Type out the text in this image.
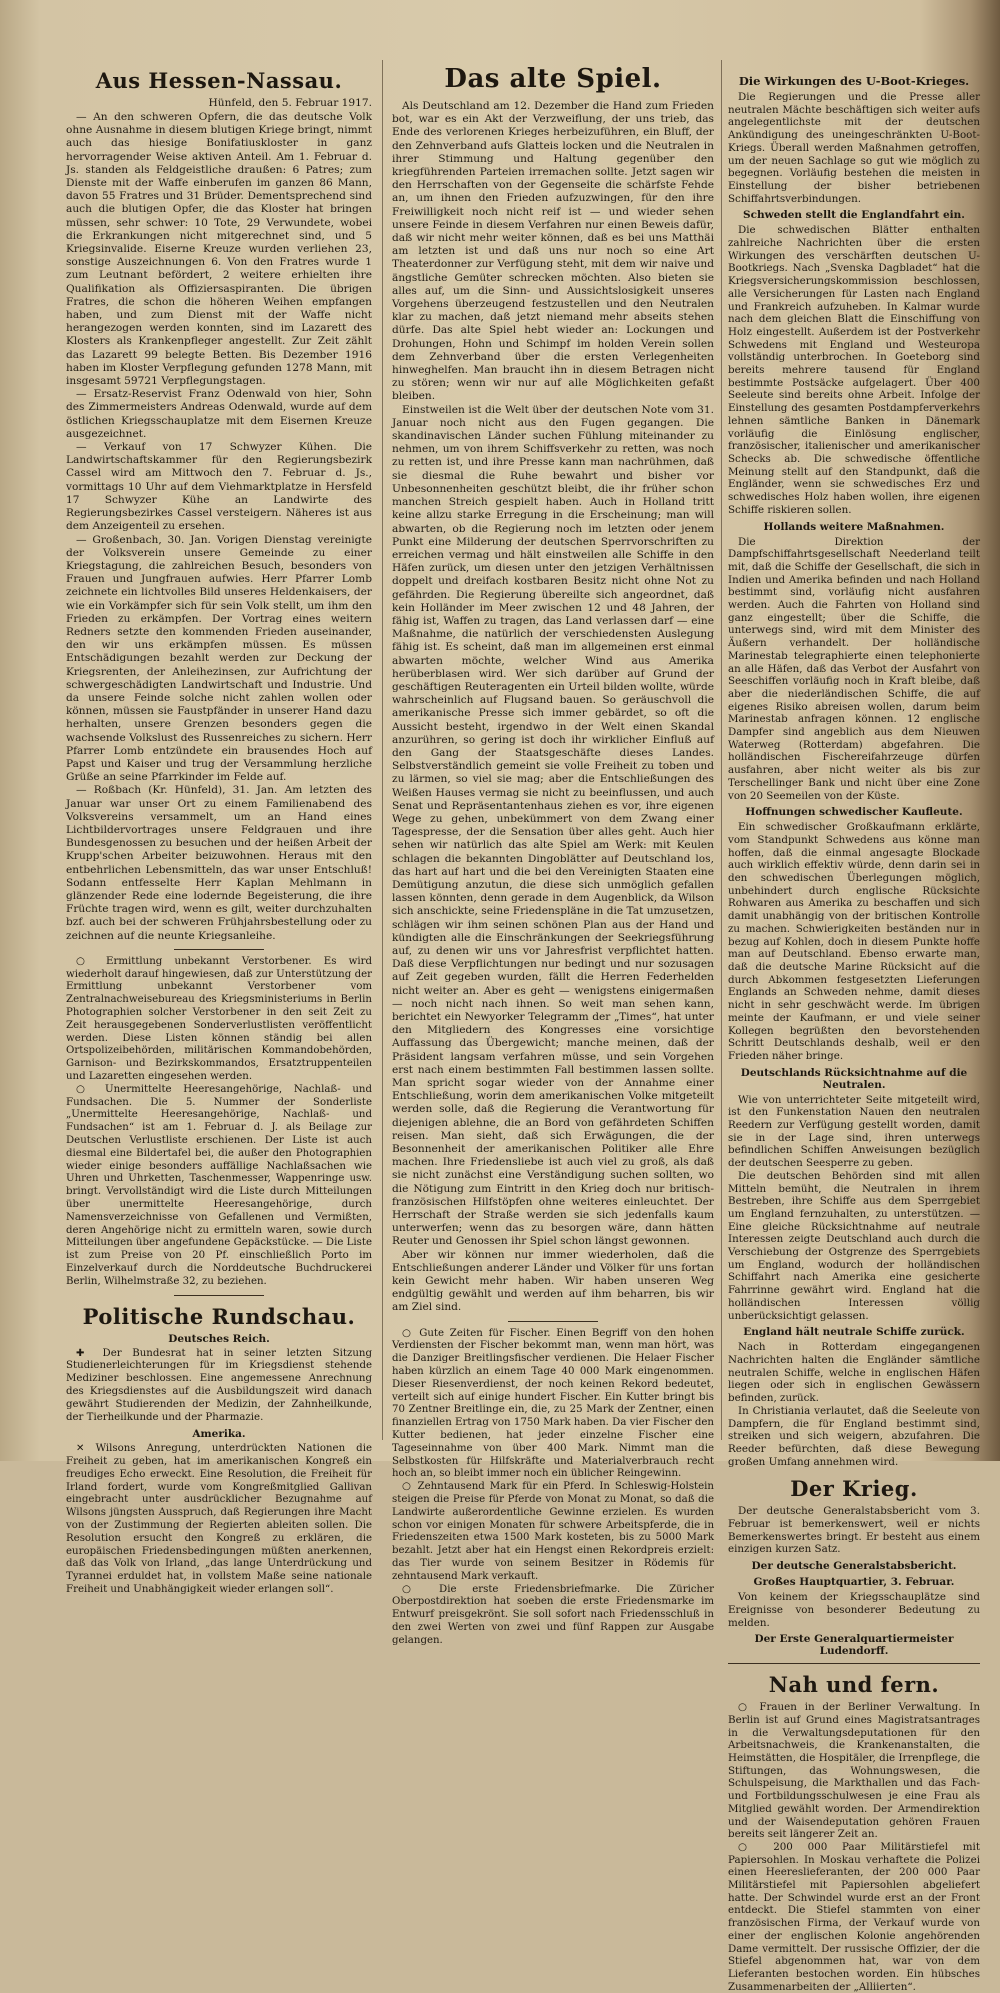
Aus Hessen-Nassau.
Hünfeld, den 5. Februar 1917.

— An den schweren Opfern, die das deutsche Volk ohne Ausnahme in diesem blutigen Kriege bringt, nimmt auch das hiesige Bonifatiuskloster in ganz hervorragender Weise aktiven Anteil. Am 1. Februar d. Js. standen als Feldgeistliche draußen: 6 Patres; zum Dienste mit der Waffe einberufen im ganzen 86 Mann, davon 55 Fratres und 31 Brüder. Dementsprechend sind auch die blutigen Opfer, die das Kloster hat bringen müssen, sehr schwer: 10 Tote, 29 Verwundete, wobei die Erkrankungen nicht mitgerechnet sind, und 5 Kriegsinvalide. Eiserne Kreuze wurden verliehen 23, sonstige Auszeichnungen 6. Von den Fratres wurde 1 zum Leutnant befördert, 2 weitere erhielten ihre Qualifikation als Offiziersaspiranten. Die übrigen Fratres, die schon die höheren Weihen empfangen haben, und zum Dienst mit der Waffe nicht herangezogen werden konnten, sind im Lazarett des Klosters als Krankenpfleger angestellt. Zur Zeit zählt das Lazarett 99 belegte Betten. Bis Dezember 1916 haben im Kloster Verpflegung gefunden 1278 Mann, mit insgesamt 59721 Verpflegungstagen.

— Ersatz-Reservist Franz Odenwald von hier, Sohn des Zimmermeisters Andreas Odenwald, wurde auf dem östlichen Kriegsschauplatze mit dem Eisernen Kreuze ausgezeichnet.

— Verkauf von 17 Schwyzer Kühen. Die Landwirtschaftskammer für den Regierungsbezirk Cassel wird am Mittwoch den 7. Februar d. Js., vormittags 10 Uhr auf dem Viehmarktplatze in Hersfeld 17 Schwyzer Kühe an Landwirte des Regierungsbezirkes Cassel versteigern. Näheres ist aus dem Anzeigenteil zu ersehen.

— Großenbach, 30. Jan. Vorigen Dienstag vereinigte der Volksverein unsere Gemeinde zu einer Kriegstagung, die zahlreichen Besuch, besonders von Frauen und Jungfrauen aufwies. Herr Pfarrer Lomb zeichnete ein lichtvolles Bild unseres Heldenkaisers, der wie ein Vorkämpfer sich für sein Volk stellt, um ihm den Frieden zu erkämpfen. Der Vortrag eines weitern Redners setzte den kommenden Frieden auseinander, den wir uns erkämpfen müssen. Es müssen Entschädigungen bezahlt werden zur Deckung der Kriegsrenten, der Anleihezinsen, zur Aufrichtung der schwergeschädigten Landwirtschaft und Industrie. Und da unsere Feinde solche nicht zahlen wollen oder können, müssen sie Faustpfänder in unserer Hand dazu herhalten, unsere Grenzen besonders gegen die wachsende Volkslust des Russenreiches zu sichern. Herr Pfarrer Lomb entzündete ein brausendes Hoch auf Papst und Kaiser und trug der Versammlung herzliche Grüße an seine Pfarrkinder im Felde auf.

— Roßbach (Kr. Hünfeld), 31. Jan. Am letzten des Januar war unser Ort zu einem Familienabend des Volksvereins versammelt, um an Hand eines Lichtbildervortrages unsere Feldgrauen und ihre Bundesgenossen zu besuchen und der heißen Arbeit der Krupp'schen Arbeiter beizuwohnen. Heraus mit den entbehrlichen Lebensmitteln, das war unser Entschluß! Sodann entfesselte Herr Kaplan Mehlmann in glänzender Rede eine lodernde Begeisterung, die ihre Früchte tragen wird, wenn es gilt, weiter durchzuhalten bzf. auch bei der schweren Frühjahrsbestellung oder zu zeichnen auf die neunte Kriegsanleihe.

○ Ermittlung unbekannt Verstorbener. Es wird wiederholt darauf hingewiesen, daß zur Unterstützung der Ermittlung unbekannt Verstorbener vom Zentralnachweisebureau des Kriegsministeriums in Berlin Photographien solcher Verstorbener in den seit Zeit zu Zeit herausgegebenen Sonderverlustlisten veröffentlicht werden. Diese Listen können ständig bei allen Ortspolizeibehörden, militärischen Kommandobehörden, Garnison- und Bezirkskommandos, Ersatztruppenteilen und Lazaretten eingesehen werden.

○ Unermittelte Heeresangehörige, Nachlaß- und Fundsachen. Die 5. Nummer der Sonderliste „Unermittelte Heeresangehörige, Nachlaß- und Fundsachen“ ist am 1. Februar d. J. als Beilage zur Deutschen Verlustliste erschienen. Der Liste ist auch diesmal eine Bildertafel bei, die außer den Photographien wieder einige besonders auffällige Nachlaßsachen wie Uhren und Uhrketten, Taschenmesser, Wappenringe usw. bringt. Vervollständigt wird die Liste durch Mitteilungen über unermittelte Heeresangehörige, durch Namensverzeichnisse von Gefallenen und Vermißten, deren Angehörige nicht zu ermitteln waren, sowie durch Mitteilungen über angefundene Gepäckstücke. — Die Liste ist zum Preise von 20 Pf. einschließlich Porto im Einzelverkauf durch die Norddeutsche Buchdruckerei Berlin, Wilhelmstraße 32, zu beziehen.

Politische Rundschau.
Deutsches Reich.

✚ Der Bundesrat hat in seiner letzten Sitzung Studienerleichterungen für im Kriegsdienst stehende Mediziner beschlossen. Eine angemessene Anrechnung des Kriegsdienstes auf die Ausbildungszeit wird danach gewährt Studierenden der Medizin, der Zahnheilkunde, der Tierheilkunde und der Pharmazie.

Amerika.

✕ Wilsons Anregung, unterdrückten Nationen die Freiheit zu geben, hat im amerikanischen Kongreß ein freudiges Echo erweckt. Eine Resolution, die Freiheit für Irland fordert, wurde vom Kongreßmitglied Gallivan eingebracht unter ausdrücklicher Bezugnahme auf Wilsons jüngsten Ausspruch, daß Regierungen ihre Macht von der Zustimmung der Regierten ableiten sollen. Die Resolution ersucht den Kongreß zu erklären, die europäischen Friedensbedingungen müßten anerkennen, daß das Volk von Irland, „das lange Unterdrückung und Tyrannei erduldet hat, in vollstem Maße seine nationale Freiheit und Unabhängigkeit wieder erlangen soll“.

Das alte Spiel.

Als Deutschland am 12. Dezember die Hand zum Frieden bot, war es ein Akt der Verzweiflung, der uns trieb, das Ende des verlorenen Krieges herbeizuführen, ein Bluff, der den Zehnverband aufs Glatteis locken und die Neutralen in ihrer Stimmung und Haltung gegenüber den kriegführenden Parteien irremachen sollte. Jetzt sagen wir den Herrschaften von der Gegenseite die schärfste Fehde an, um ihnen den Frieden aufzuzwingen, für den ihre Freiwilligkeit noch nicht reif ist — und wieder sehen unsere Feinde in diesem Verfahren nur einen Beweis dafür, daß wir nicht mehr weiter können, daß es bei uns Matthäi am letzten ist und daß uns nur noch so eine Art Theaterdonner zur Verfügung steht, mit dem wir naive und ängstliche Gemüter schrecken möchten. Also bieten sie alles auf, um die Sinn- und Aussichtslosigkeit unseres Vorgehens überzeugend festzustellen und den Neutralen klar zu machen, daß jetzt niemand mehr abseits stehen dürfe. Das alte Spiel hebt wieder an: Lockungen und Drohungen, Hohn und Schimpf im holden Verein sollen dem Zehnverband über die ersten Verlegenheiten hinweghelfen. Man braucht ihn in diesem Betragen nicht zu stören; wenn wir nur auf alle Möglichkeiten gefaßt bleiben.

Einstweilen ist die Welt über der deutschen Note vom 31. Januar noch nicht aus den Fugen gegangen. Die skandinavischen Länder suchen Fühlung miteinander zu nehmen, um von ihrem Schiffsverkehr zu retten, was noch zu retten ist, und ihre Presse kann man nachrühmen, daß sie diesmal die Ruhe bewahrt und bisher vor Unbesonnenheiten geschützt bleibt, die ihr früher schon manchen Streich gespielt haben. Auch in Holland tritt keine allzu starke Erregung in die Erscheinung; man will abwarten, ob die Regierung noch im letzten oder jenem Punkt eine Milderung der deutschen Sperrvorschriften zu erreichen vermag und hält einstweilen alle Schiffe in den Häfen zurück, um diesen unter den jetzigen Verhältnissen doppelt und dreifach kostbaren Besitz nicht ohne Not zu gefährden. Die Regierung übereilte sich angeordnet, daß kein Holländer im Meer zwischen 12 und 48 Jahren, der fähig ist, Waffen zu tragen, das Land verlassen darf — eine Maßnahme, die natürlich der verschiedensten Auslegung fähig ist. Es scheint, daß man im allgemeinen erst einmal abwarten möchte, welcher Wind aus Amerika herüberblasen wird. Wer sich darüber auf Grund der geschäftigen Reuteragenten ein Urteil bilden wollte, würde wahrscheinlich auf Flugsand bauen. So geräuschvoll die amerikanische Presse sich immer gebärdet, so oft die Aussicht besteht, irgendwo in der Welt einen Skandal anzurühren, so gering ist doch ihr wirklicher Einfluß auf den Gang der Staatsgeschäfte dieses Landes. Selbstverständlich gemeint sie volle Freiheit zu toben und zu lärmen, so viel sie mag; aber die Entschließungen des Weißen Hauses vermag sie nicht zu beeinflussen, und auch Senat und Repräsentantenhaus ziehen es vor, ihre eigenen Wege zu gehen, unbekümmert von dem Zwang einer Tagespresse, der die Sensation über alles geht. Auch hier sehen wir natürlich das alte Spiel am Werk: mit Keulen schlagen die bekannten Dingoblätter auf Deutschland los, das hart auf hart und die bei den Vereinigten Staaten eine Demütigung anzutun, die diese sich unmöglich gefallen lassen könnten, denn gerade in dem Augenblick, da Wilson sich anschickte, seine Friedenspläne in die Tat umzusetzen, schlägen wir ihm seinen schönen Plan aus der Hand und kündigten alle die Einschränkungen der Seekriegsführung auf, zu denen wir uns vor Jahresfrist verpflichtet hatten. Daß diese Verpflichtungen nur bedingt und nur sozusagen auf Zeit gegeben wurden, fällt die Herren Federhelden nicht weiter an. Aber es geht — wenigstens einigermaßen — noch nicht nach ihnen. So weit man sehen kann, berichtet ein Newyorker Telegramm der „Times“, hat unter den Mitgliedern des Kongresses eine vorsichtige Auffassung das Übergewicht; manche meinen, daß der Präsident langsam verfahren müsse, und sein Vorgehen erst nach einem bestimmten Fall bestimmen lassen sollte. Man spricht sogar wieder von der Annahme einer Entschließung, worin dem amerikanischen Volke mitgeteilt werden solle, daß die Regierung die Verantwortung für diejenigen ablehne, die an Bord von gefährdeten Schiffen reisen. Man sieht, daß sich Erwägungen, die der Besonnenheit der amerikanischen Politiker alle Ehre machen. Ihre Friedensliebe ist auch viel zu groß, als daß sie nicht zunächst eine Verständigung suchen sollten, wo die Nötigung zum Eintritt in den Krieg doch nur britisch-französischen Hilfstöpfen ohne weiteres einleuchtet. Der Herrschaft der Straße werden sie sich jedenfalls kaum unterwerfen; wenn das zu besorgen wäre, dann hätten Reuter und Genossen ihr Spiel schon längst gewonnen.

Aber wir können nur immer wiederholen, daß die Entschließungen anderer Länder und Völker für uns fortan kein Gewicht mehr haben. Wir haben unseren Weg endgültig gewählt und werden auf ihm beharren, bis wir am Ziel sind.

○ Gute Zeiten für Fischer. Einen Begriff von den hohen Verdiensten der Fischer bekommt man, wenn man hört, was die Danziger Breitlingsfischer verdienen. Die Helaer Fischer haben kürzlich an einem Tage 40 000 Mark eingenommen. Dieser Riesenverdienst, der noch keinen Rekord bedeutet, verteilt sich auf einige hundert Fischer. Ein Kutter bringt bis 70 Zentner Breitlinge ein, die, zu 25 Mark der Zentner, einen finanziellen Ertrag von 1750 Mark haben. Da vier Fischer den Kutter bedienen, hat jeder einzelne Fischer eine Tageseinnahme von über 400 Mark. Nimmt man die Selbstkosten für Hilfskräfte und Materialverbrauch recht hoch an, so bleibt immer noch ein üblicher Reingewinn.

○ Zehntausend Mark für ein Pferd. In Schleswig-Holstein steigen die Preise für Pferde von Monat zu Monat, so daß die Landwirte außerordentliche Gewinne erzielen. Es wurden schon vor einigen Monaten für schwere Arbeitspferde, die in Friedenszeiten etwa 1500 Mark kosteten, bis zu 5000 Mark bezahlt. Jetzt aber hat ein Hengst einen Rekordpreis erzielt: das Tier wurde von seinem Besitzer in Rödemis für zehntausend Mark verkauft.

○ Die erste Friedensbriefmarke. Die Züricher Oberpostdirektion hat soeben die erste Friedensmarke im Entwurf preisgekrönt. Sie soll sofort nach Friedensschluß in den zwei Werten von zwei und fünf Rappen zur Ausgabe gelangen.

Die Wirkungen des U-Boot-Krieges.

Die Regierungen und die Presse aller neutralen Mächte beschäftigen sich weiter aufs angelegentlichste mit der deutschen Ankündigung des uneingeschränkten U-Boot-Kriegs. Überall werden Maßnahmen getroffen, um der neuen Sachlage so gut wie möglich zu begegnen. Vorläufig bestehen die meisten in Einstellung der bisher betriebenen Schiffahrtsverbindungen.

Schweden stellt die Englandfahrt ein.

Die schwedischen Blätter enthalten zahlreiche Nachrichten über die ersten Wirkungen des verschärften deutschen U-Bootkriegs. Nach „Svenska Dagbladet“ hat die Kriegsversicherungskommission beschlossen, alle Versicherungen für Lasten nach England und Frankreich aufzuheben. In Kalmar wurde nach dem gleichen Blatt die Einschiffung von Holz eingestellt. Außerdem ist der Postverkehr Schwedens mit England und Westeuropa vollständig unterbrochen. In Goeteborg sind bereits mehrere tausend für England bestimmte Postsäcke aufgelagert. Über 400 Seeleute sind bereits ohne Arbeit. Infolge der Einstellung des gesamten Postdampferverkehrs lehnen sämtliche Banken in Dänemark vorläufig die Einlösung englischer, französischer, italienischer und amerikanischer Schecks ab. Die schwedische öffentliche Meinung stellt auf den Standpunkt, daß die Engländer, wenn sie schwedisches Erz und schwedisches Holz haben wollen, ihre eigenen Schiffe riskieren sollen.

Hollands weitere Maßnahmen.

Die Direktion der Dampfschiffahrtsgesellschaft Neederland teilt mit, daß die Schiffe der Gesellschaft, die sich in Indien und Amerika befinden und nach Holland bestimmt sind, vorläufig nicht ausfahren werden. Auch die Fahrten von Holland sind ganz eingestellt; über die Schiffe, die unterwegs sind, wird mit dem Minister des Äußern verhandelt. Der holländische Marinestab telegraphierte einen telephonierte an alle Häfen, daß das Verbot der Ausfahrt von Seeschiffen vorläufig noch in Kraft bleibe, daß aber die niederländischen Schiffe, die auf eigenes Risiko abreisen wollen, darum beim Marinestab anfragen können. 12 englische Dampfer sind angeblich aus dem Nieuwen Waterweg (Rotterdam) abgefahren. Die holländischen Fischereifahrzeuge dürfen ausfahren, aber nicht weiter als bis zur Terschellinger Bank und nicht über eine Zone von 20 Seemeilen von der Küste.

Hoffnungen schwedischer Kaufleute.

Ein schwedischer Großkaufmann erklärte, vom Standpunkt Schwedens aus könne man hoffen, daß die einmal angesagte Blockade auch wirklich effektiv würde, denn darin sei in den schwedischen Überlegungen möglich, unbehindert durch englische Rücksichte Rohwaren aus Amerika zu beschaffen und sich damit unabhängig von der britischen Kontrolle zu machen. Schwierigkeiten beständen nur in bezug auf Kohlen, doch in diesem Punkte hoffe man auf Deutschland. Ebenso erwarte man, daß die deutsche Marine Rücksicht auf die durch Abkommen festgesetzten Lieferungen Englands an Schweden nehme, damit dieses nicht in sehr geschwächt werde. Im übrigen meinte der Kaufmann, er und viele seiner Kollegen begrüßten den bevorstehenden Schritt Deutschlands deshalb, weil er den Frieden näher bringe.

Deutschlands Rücksichtnahme auf die Neutralen.

Wie von unterrichteter Seite mitgeteilt wird, ist den Funkenstation Nauen den neutralen Reedern zur Verfügung gestellt worden, damit sie in der Lage sind, ihren unterwegs befindlichen Schiffen Anweisungen bezüglich der deutschen Seesperre zu geben.

Die deutschen Behörden sind mit allen Mitteln bemüht, die Neutralen in ihrem Bestreben, ihre Schiffe aus dem Sperrgebiet um England fernzuhalten, zu unterstützen. — Eine gleiche Rücksichtnahme auf neutrale Interessen zeigte Deutschland auch durch die Verschiebung der Ostgrenze des Sperrgebiets um England, wodurch der holländischen Schiffahrt nach Amerika eine gesicherte Fahrrinne gewährt wird. England hat die holländischen Interessen völlig unberücksichtigt gelassen.

England hält neutrale Schiffe zurück.

Nach in Rotterdam eingegangenen Nachrichten halten die Engländer sämtliche neutralen Schiffe, welche in englischen Häfen liegen oder sich in englischen Gewässern befinden, zurück.

In Christiania verlautet, daß die Seeleute von Dampfern, die für England bestimmt sind, streiken und sich weigern, abzufahren. Die Reeder befürchten, daß diese Bewegung großen Umfang annehmen wird.

Der Krieg.

Der deutsche Generalstabsbericht vom 3. Februar ist bemerkenswert, weil er nichts Bemerkenswertes bringt. Er besteht aus einem einzigen kurzen Satz.

Der deutsche Generalstabsbericht.
Großes Hauptquartier, 3. Februar.

Von keinem der Kriegsschauplätze sind Ereignisse von besonderer Bedeutung zu melden.

Der Erste Generalquartiermeister Ludendorff.
Nah und fern.

○ Frauen in der Berliner Verwaltung. In Berlin ist auf Grund eines Magistratsantrages in die Verwaltungsdeputationen für den Arbeitsnachweis, die Krankenanstalten, die Heimstätten, die Hospitäler, die Irrenpflege, die Stiftungen, das Wohnungswesen, die Schulspeisung, die Markthallen und das Fach- und Fortbildungsschulwesen je eine Frau als Mitglied gewählt worden. Der Armendirektion und der Waisendeputation gehören Frauen bereits seit längerer Zeit an.

○ 200 000 Paar Militärstiefel mit Papiersohlen. In Moskau verhaftete die Polizei einen Heereslieferanten, der 200 000 Paar Militärstiefel mit Papiersohlen abgeliefert hatte. Der Schwindel wurde erst an der Front entdeckt. Die Stiefel stammten von einer französischen Firma, der Verkauf wurde von einer der englischen Kolonie angehörenden Dame vermittelt. Der russische Offizier, der die Stiefel abgenommen hat, war von dem Lieferanten bestochen worden. Ein hübsches Zusammenarbeiten der „Alliierten“.
